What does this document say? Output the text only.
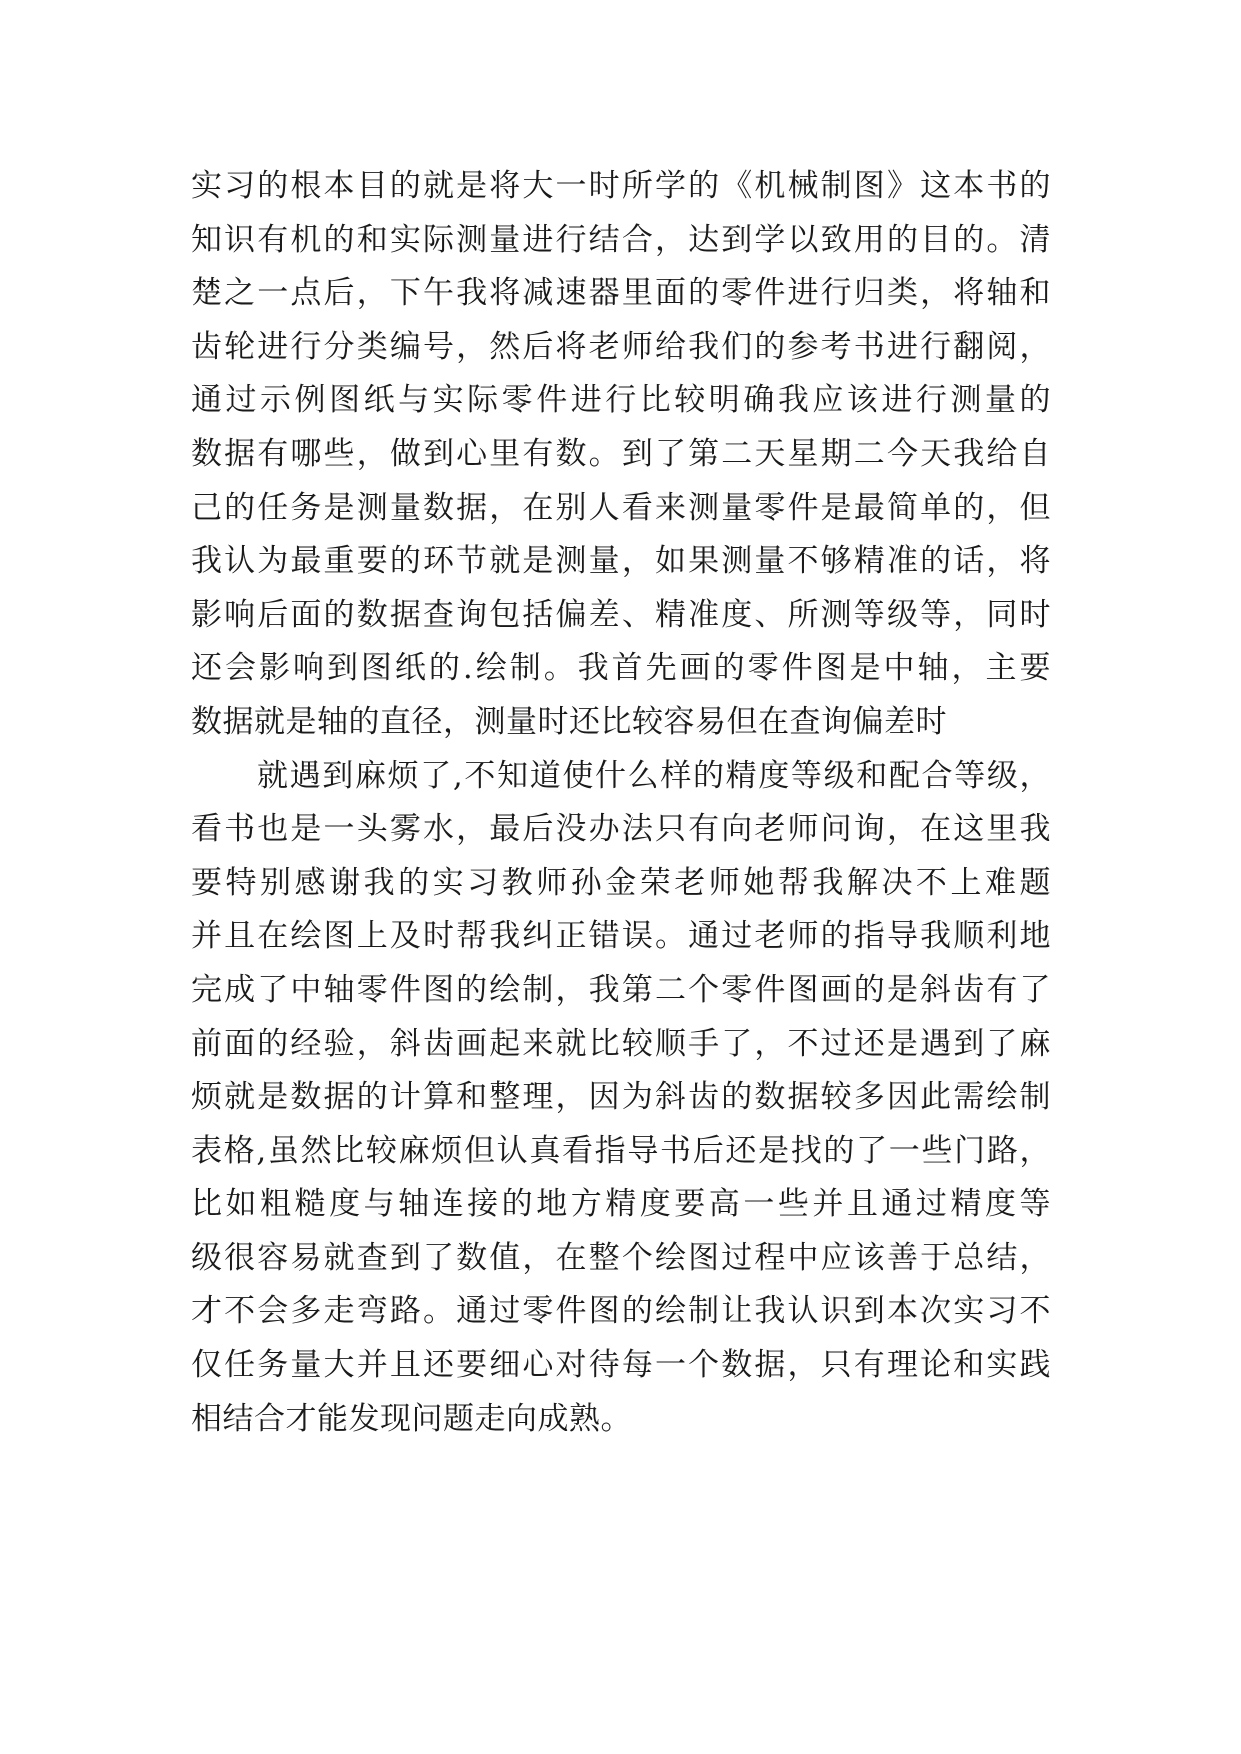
实习的根本目的就是将大一时所学的《机械制图》这本书的
知识有机的和实际测量进行结合，达到学以致用的目的。清
楚之一点后，下午我将减速器里面的零件进行归类，将轴和
齿轮进行分类编号，然后将老师给我们的参考书进行翻阅，
通过示例图纸与实际零件进行比较明确我应该进行测量的
数据有哪些，做到心里有数。到了第二天星期二今天我给自
己的任务是测量数据，在别人看来测量零件是最简单的，但
我认为最重要的环节就是测量，如果测量不够精准的话，将
影响后面的数据查询包括偏差、精准度、所测等级等，同时
还会影响到图纸的.绘制。我首先画的零件图是中轴，主要
数据就是轴的直径，测量时还比较容易但在查询偏差时
就遇到麻烦了,不知道使什么样的精度等级和配合等级，
看书也是一头雾水，最后没办法只有向老师问询，在这里我
要特别感谢我的实习教师孙金荣老师她帮我解决不上难题
并且在绘图上及时帮我纠正错误。通过老师的指导我顺利地
完成了中轴零件图的绘制，我第二个零件图画的是斜齿有了
前面的经验，斜齿画起来就比较顺手了，不过还是遇到了麻
烦就是数据的计算和整理，因为斜齿的数据较多因此需绘制
表格,虽然比较麻烦但认真看指导书后还是找的了一些门路，
比如粗糙度与轴连接的地方精度要高一些并且通过精度等
级很容易就查到了数值，在整个绘图过程中应该善于总结，
才不会多走弯路。通过零件图的绘制让我认识到本次实习不
仅任务量大并且还要细心对待每一个数据，只有理论和实践
相结合才能发现问题走向成熟。
